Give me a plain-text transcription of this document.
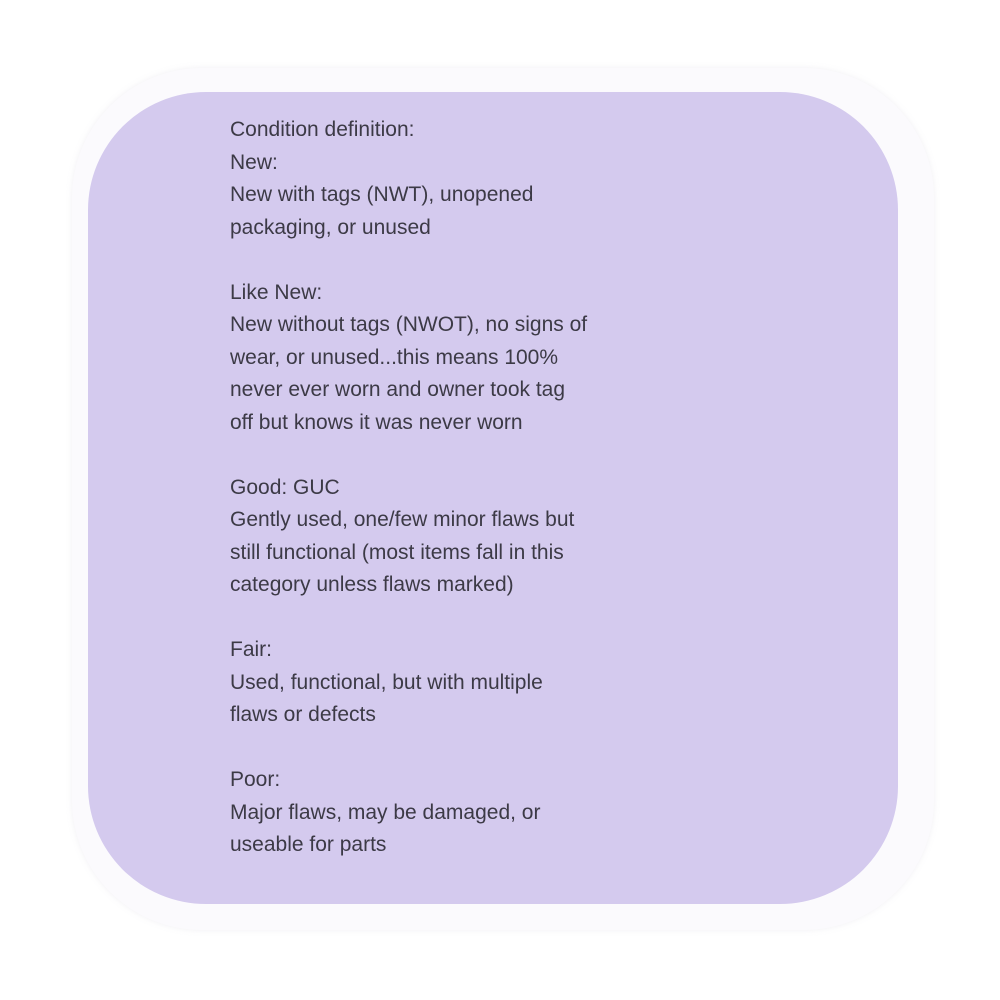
Condition definition:
New:
New with tags (NWT), unopened
packaging, or unused
Like New:
New without tags (NWOT), no signs of
wear, or unused...this means 100%
never ever worn and owner took tag
off but knows it was never worn
Good: GUC
Gently used, one/few minor flaws but
still functional (most items fall in this
category unless flaws marked)
Fair:
Used, functional, but with multiple
flaws or defects
Poor:
Major flaws, may be damaged, or
useable for parts
